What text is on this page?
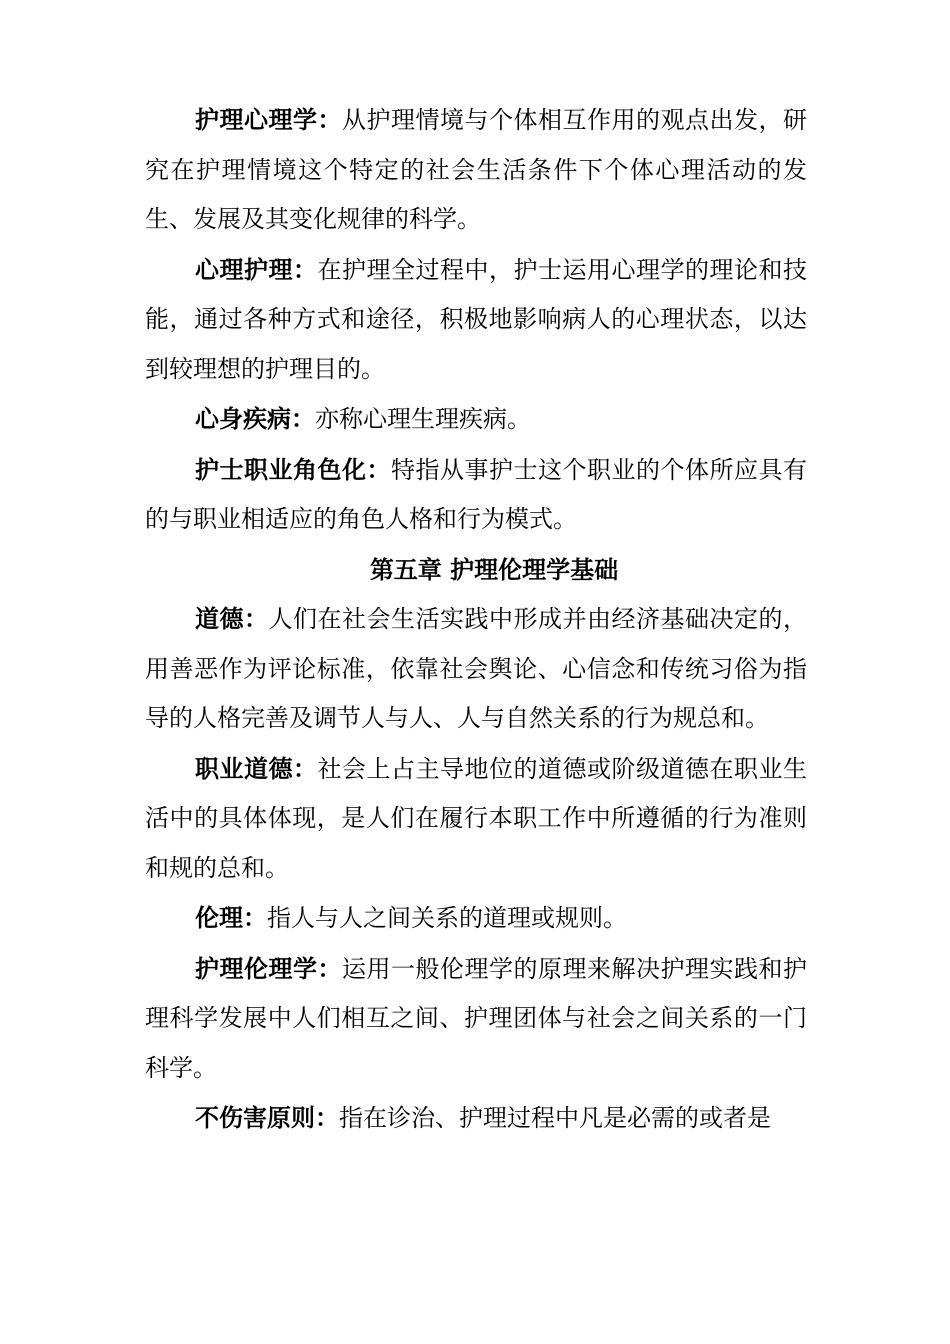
护理心理学：从护理情境与个体相互作用的观点出发，研究在护理情境这个特定的社会生活条件下个体心理活动的发生、发展及其变化规律的科学。

心理护理：在护理全过程中，护士运用心理学的理论和技能，通过各种方式和途径，积极地影响病人的心理状态，以达到较理想的护理目的。

心身疾病：亦称心理生理疾病。

护士职业角色化：特指从事护士这个职业的个体所应具有的与职业相适应的角色人格和行为模式。

第五章 护理伦理学基础

道德：人们在社会生活实践中形成并由经济基础决定的，用善恶作为评论标准，依靠社会舆论、心信念和传统习俗为指导的人格完善及调节人与人、人与自然关系的行为规总和。

职业道德：社会上占主导地位的道德或阶级道德在职业生活中的具体体现，是人们在履行本职工作中所遵循的行为准则和规的总和。

伦理：指人与人之间关系的道理或规则。

护理伦理学：运用一般伦理学的原理来解决护理实践和护理科学发展中人们相互之间、护理团体与社会之间关系的一门科学。

不伤害原则：指在诊治、护理过程中凡是必需的或者是
